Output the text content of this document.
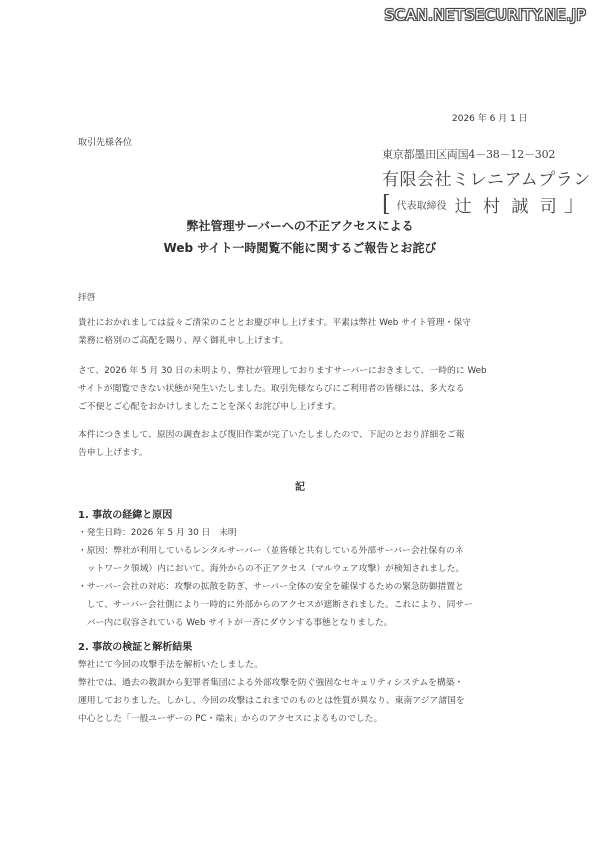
SCAN.NETSECURITY.NE.JP
2026 年 6 月 1 日
取引先様各位
東京都墨田区両国4－38－12－302
有限会社ミレニアムプラン
[ 代表取締役 辻 村 誠 司 」
弊社管理サーバーへの不正アクセスによる
Web サイト一時閲覧不能に関するご報告とお詫び
拝啓
貴社におかれましては益々ご清栄のこととお慶び申し上げます。平素は弊社 Web サイト管理・保守
業務に格別のご高配を賜り、厚く御礼申し上げます。
さて、2026 年 5 月 30 日の未明より、弊社が管理しておりますサーバーにおきまして、一時的に Web
サイトが閲覧できない状態が発生いたしました。取引先様ならびにご利用者の皆様には、多大なる
ご不便とご心配をおかけしましたことを深くお詫び申し上げます。
本件につきまして、原因の調査および復旧作業が完了いたしましたので、下記のとおり詳細をご報
告申し上げます。
記
1. 事故の経緯と原因
・発生日時：2026 年 5 月 30 日　未明
・原因：弊社が利用しているレンタルサーバー（並皆様と共有している外部サーバー会社保有のネ
　ットワーク領域）内において、海外からの不正アクセス（マルウェア攻撃）が検知されました。
・サーバー会社の対応：攻撃の拡散を防ぎ、サーバー全体の安全を確保するための緊急防御措置と
　して、サーバー会社側により一時的に外部からのアクセスが遮断されました。これにより、同サー
　バー内に収容されている Web サイトが一斉にダウンする事態となりました。
2. 事故の検証と解析結果
弊社にて今回の攻撃手法を解析いたしました。
弊社では、過去の教訓から犯罪者集団による外部攻撃を防ぐ強固なセキュリティシステムを構築・
運用しておりました。しかし、今回の攻撃はこれまでのものとは性質が異なり、東南アジア諸国を
中心とした「一般ユーザーの PC・端末」からのアクセスによるものでした。
